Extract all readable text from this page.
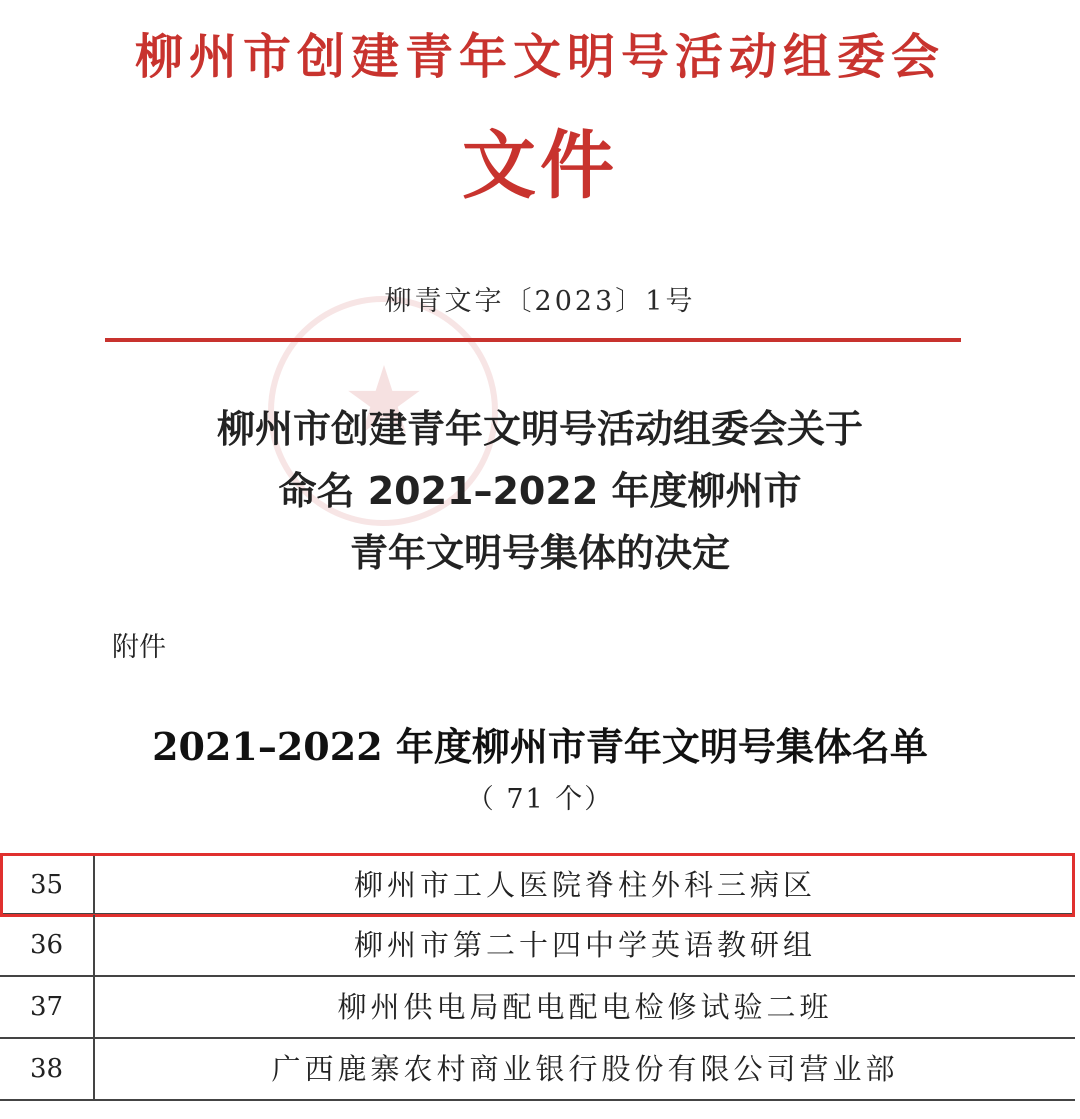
柳州市创建青年文明号活动组委会
文件
柳青文字〔2023〕1号
柳州市创建青年文明号活动组委会关于
命名 2021–2022 年度柳州市
青年文明号集体的决定
附件
2021–2022 年度柳州市青年文明号集体名单
（ 71 个）
35	柳州市工人医院脊柱外科三病区
36	柳州市第二十四中学英语教研组
37	柳州供电局配电配电检修试验二班
38	广西鹿寨农村商业银行股份有限公司营业部
